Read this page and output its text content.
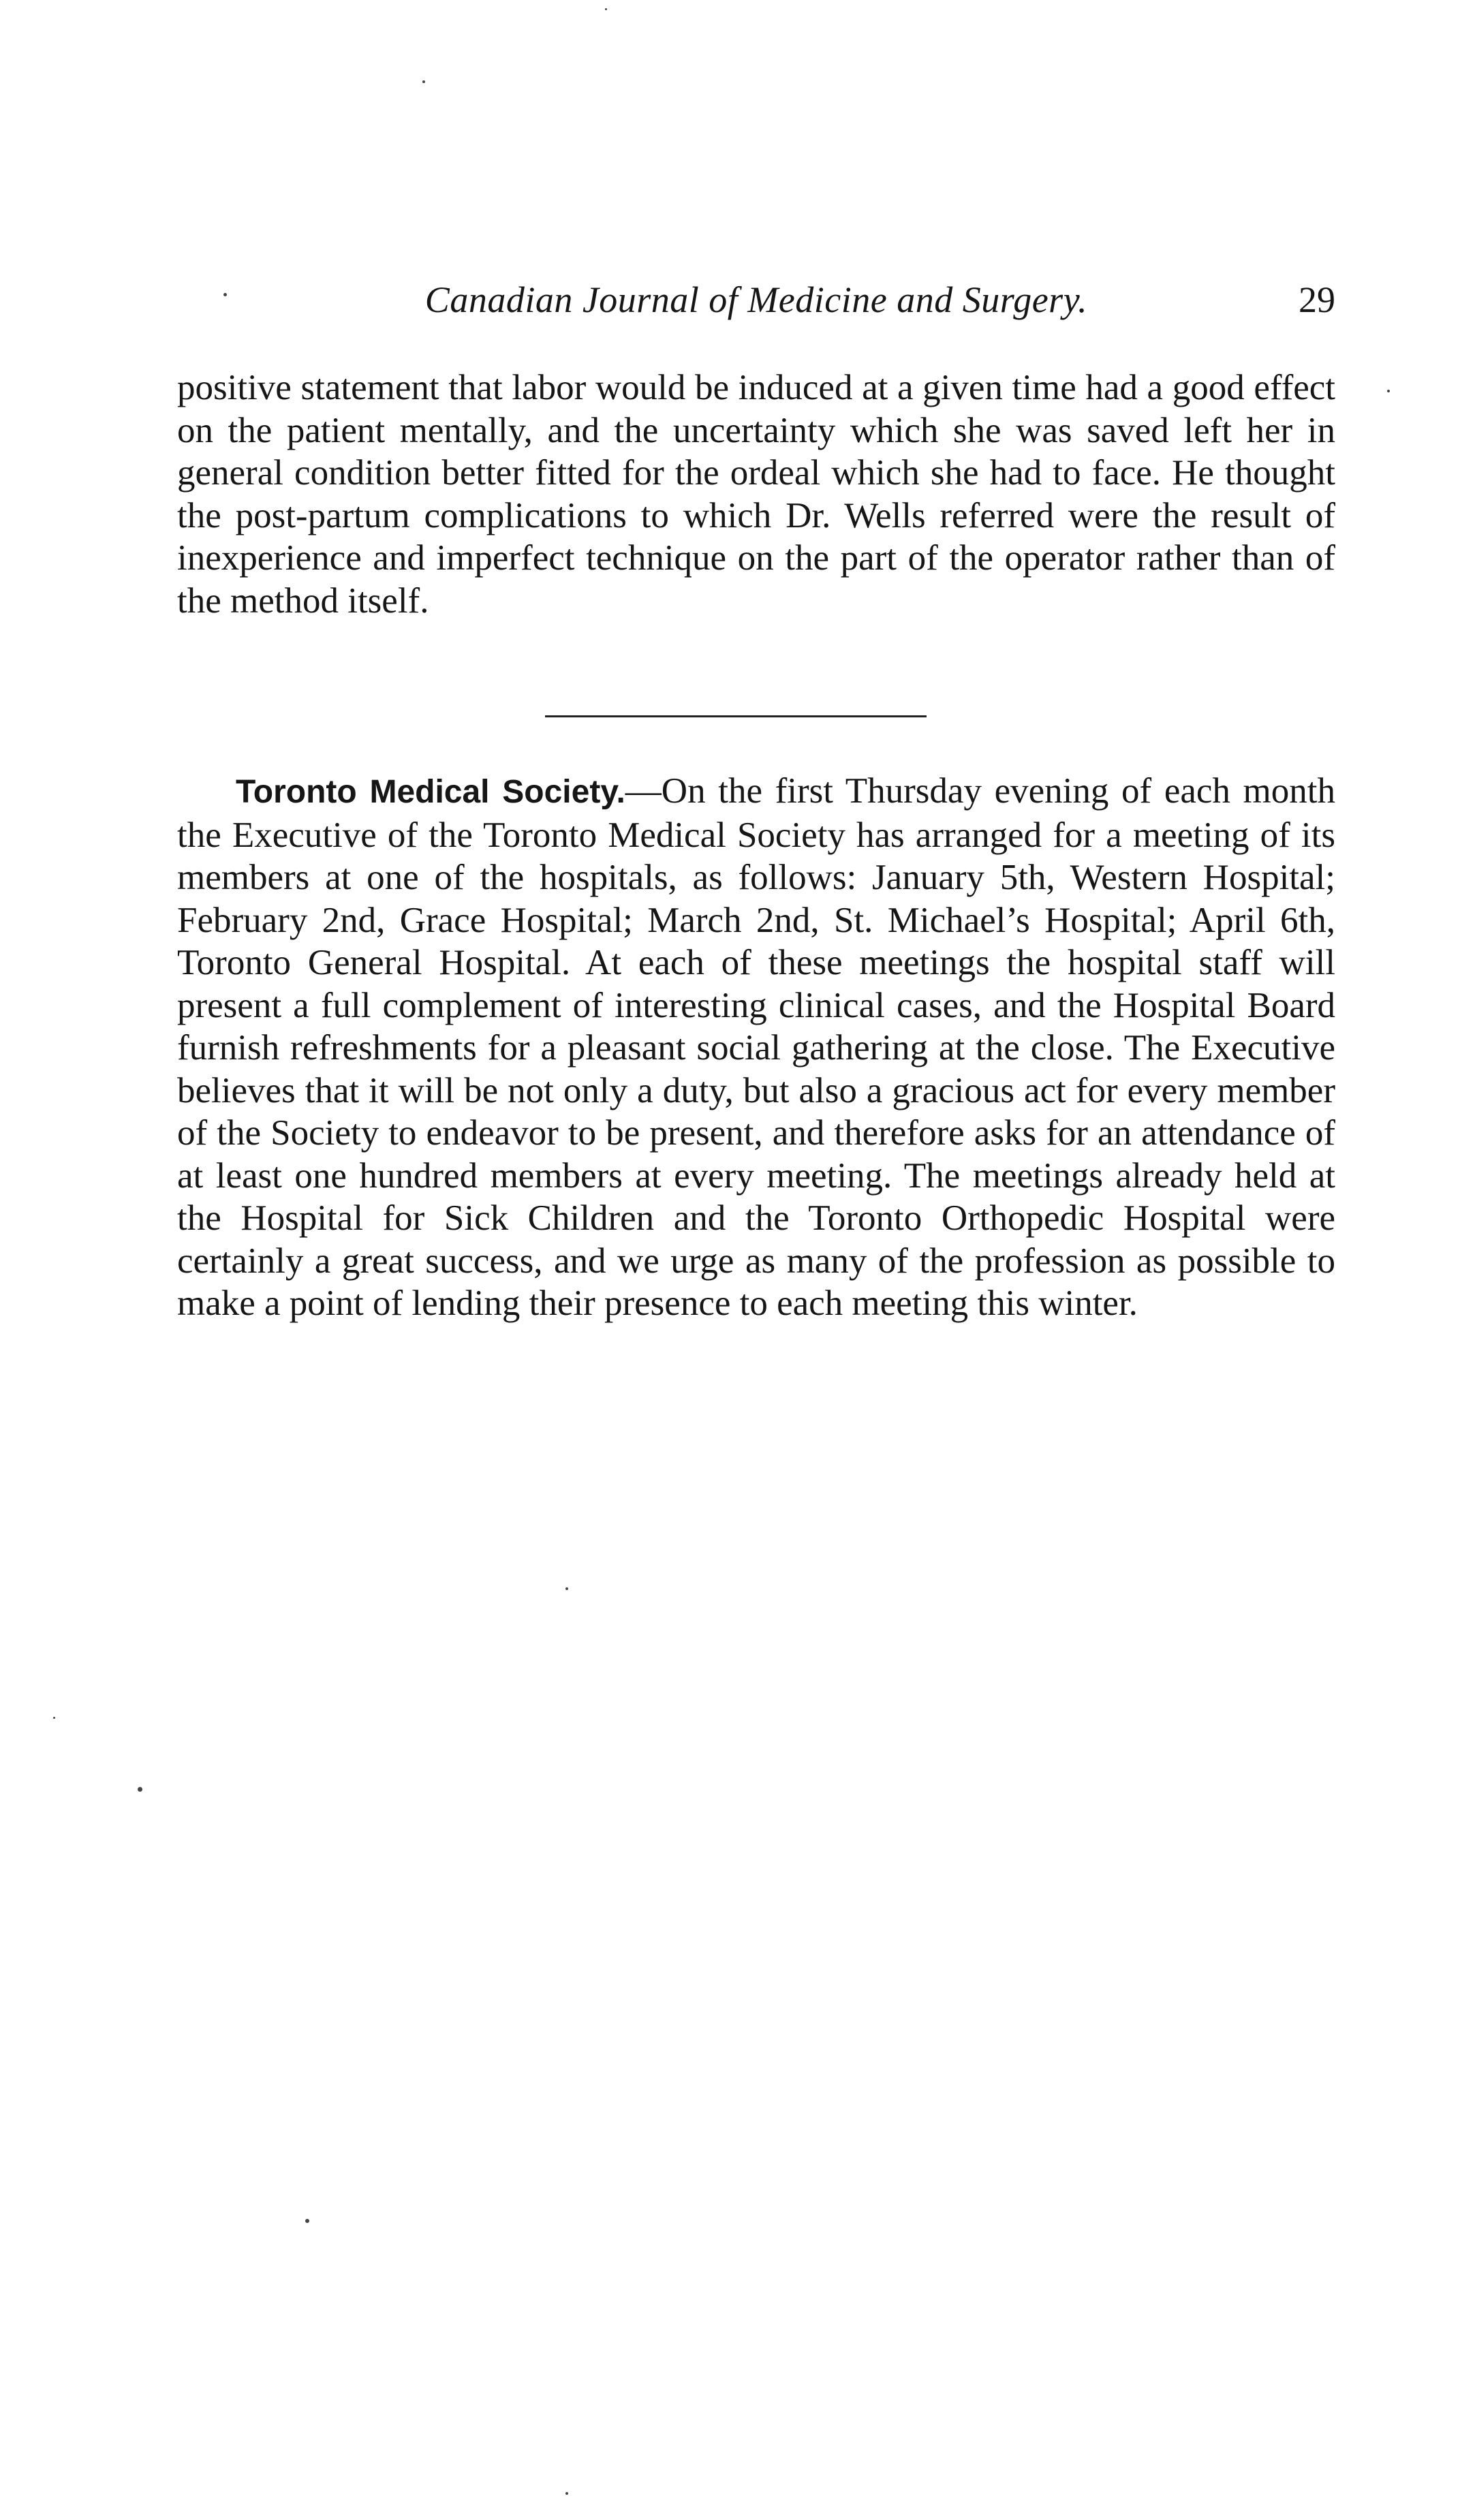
Canadian Journal of Medicine and Surgery.	29

positive statement that labor would be induced at a given time had a good effect on the patient mentally, and the uncertainty which she was saved left her in general condition better fitted for the ordeal which she had to face. He thought the post-partum complications to which Dr. Wells referred were the result of inexperience and imperfect technique on the part of the operator rather than of the method itself.

Toronto Medical Society.—On the first Thursday evening of each month the Executive of the Toronto Medical Society has arranged for a meeting of its members at one of the hospitals, as follows: January 5th, Western Hospital; February 2nd, Grace Hospital; March 2nd, St. Michael’s Hospital; April 6th, Toronto General Hospital. At each of these meetings the hospital staff will present a full complement of interesting clinical cases, and the Hospital Board furnish refreshments for a pleasant social gathering at the close. The Executive believes that it will be not only a duty, but also a gracious act for every member of the Society to endeavor to be present, and therefore asks for an attendance of at least one hundred members at every meeting. The meetings already held at the Hospital for Sick Children and the Toronto Orthopedic Hospital were certainly a great success, and we urge as many of the profession as possible to make a point of lending their presence to each meeting this winter.
